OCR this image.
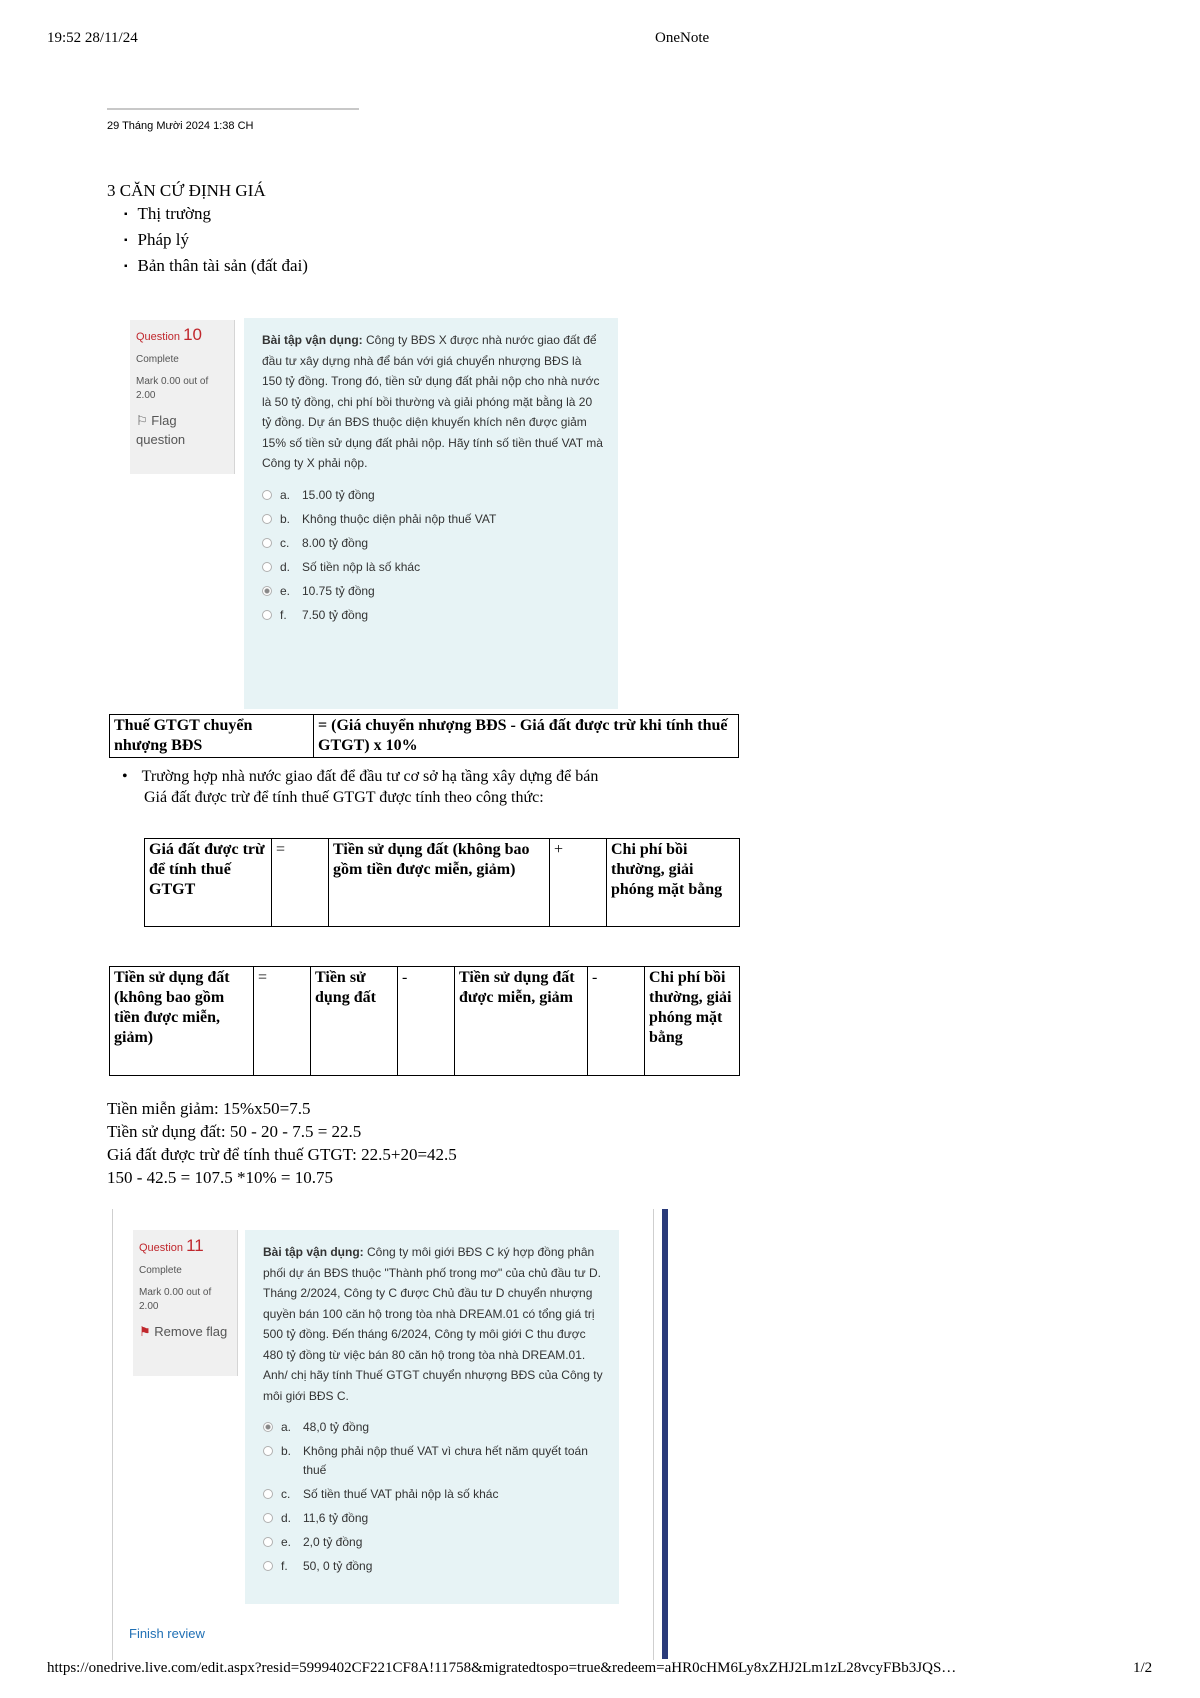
19:52 28/11/24	OneNote
29 Tháng Mười 2024 1:38 CH
3 CĂN CỨ ĐỊNH GIÁ
▪ Thị trường
▪ Pháp lý
▪ Bản thân tài sản (đất đai)
Question 10
Complete
Mark 0.00 out of 2.00
⚐ Flag question
Bài tập vận dụng: Công ty BĐS X được nhà nước giao đất để đầu tư xây dựng nhà để bán với giá chuyển nhượng BĐS là 150 tỷ đồng. Trong đó, tiền sử dụng đất phải nộp cho nhà nước là 50 tỷ đồng, chi phí bồi thường và giải phóng mặt bằng là 20 tỷ đồng. Dự án BĐS thuộc diện khuyến khích nên được giảm 15% số tiền sử dụng đất phải nộp. Hãy tính số tiền thuế VAT mà Công ty X phải nộp.
a. 15.00 tỷ đồng
b. Không thuộc diện phải nộp thuế VAT
c.	8.00 tỷ đồng
d. Số tiền nộp là số khác
e. 10.75 tỷ đồng
f.	7.50 tỷ đồng
Thuế GTGT chuyển nhượng BĐS	= (Giá chuyển nhượng BĐS - Giá đất được trừ khi tính thuế GTGT) x 10%
• Trường hợp nhà nước giao đất để đầu tư cơ sở hạ tầng xây dựng để bán
Giá đất được trừ để tính thuế GTGT được tính theo công thức:
Giá đất được trừ để tính thuế GTGT	=	Tiền sử dụng đất (không bao gồm tiền được miễn, giảm)	+	Chi phí bồi thường, giải phóng mặt bằng
Tiền sử dụng đất (không bao gồm tiền được miễn, giảm)	=	Tiền sử dụng đất	-	Tiền sử dụng đất được miễn, giảm	-	Chi phí bồi thường, giải phóng mặt bằng
Tiền miễn giảm: 15%x50=7.5
Tiền sử dụng đất: 50 - 20 - 7.5 = 22.5
Giá đất được trừ để tính thuế GTGT: 22.5+20=42.5
150 - 42.5 = 107.5 *10% = 10.75
Question 11
Complete
Mark 0.00 out of 2.00
⚑ Remove flag
Bài tập vận dụng: Công ty môi giới BĐS C ký hợp đồng phân phối dự án BĐS thuộc "Thành phố trong mơ" của chủ đầu tư D. Tháng 2/2024, Công ty C được Chủ đầu tư D chuyển nhượng quyền bán 100 căn hộ trong tòa nhà DREAM.01 có tổng giá trị 500 tỷ đồng. Đến tháng 6/2024, Công ty môi giới C thu được 480 tỷ đồng từ việc bán 80 căn hộ trong tòa nhà DREAM.01. Anh/ chị hãy tính Thuế GTGT chuyển nhượng BĐS của Công ty môi giới BĐS C.
a. 48,0 tỷ đồng
b. Không phải nộp thuế VAT vì chưa hết năm quyết toán thuế
c.	Số tiền thuế VAT phải nộp là số khác
d. 11,6 tỷ đồng
e. 2,0 tỷ đồng
f.	50, 0 tỷ đồng
Finish review
https://onedrive.live.com/edit.aspx?resid=5999402CF221CF8A!11758&migratedtospo=true&redeem=aHR0cHM6Ly8xZHJ2Lm1zL28vcyFBb3JQS…	1/2
